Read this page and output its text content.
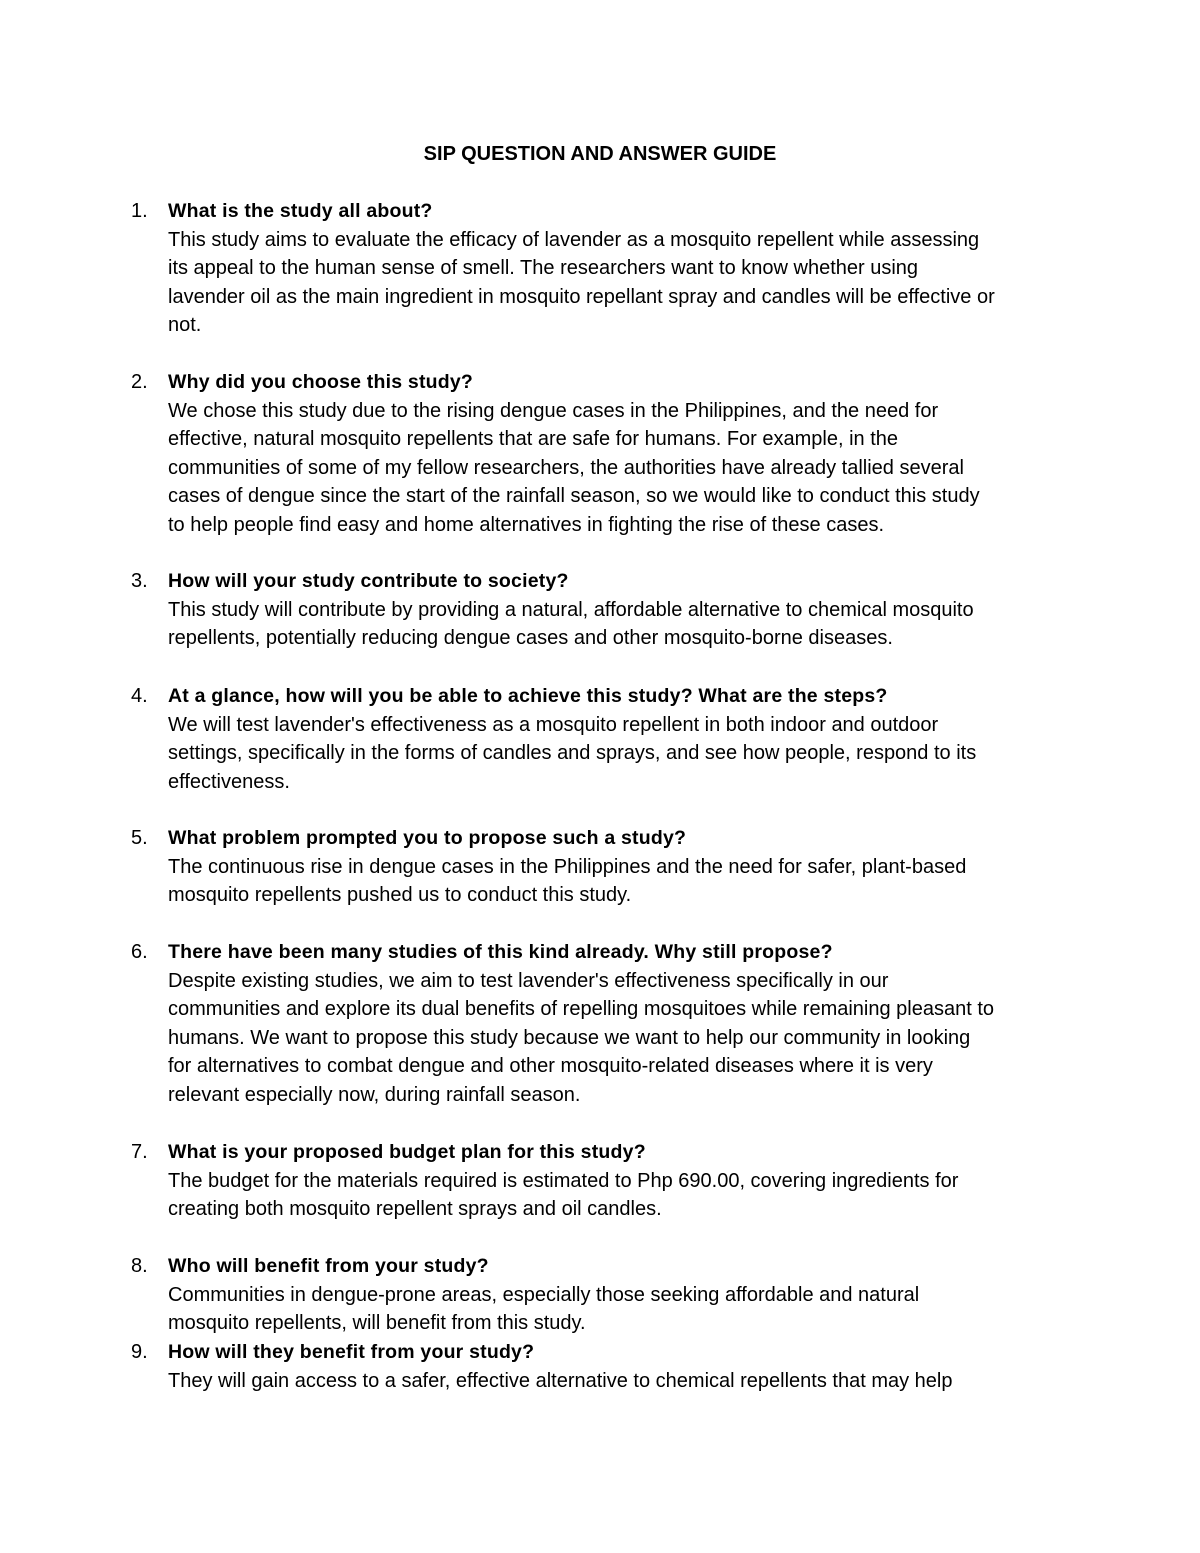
SIP QUESTION AND ANSWER GUIDE
1.	What is the study all about?
This study aims to evaluate the efficacy of lavender as a mosquito repellent while assessing
its appeal to the human sense of smell. The researchers want to know whether using
lavender oil as the main ingredient in mosquito repellant spray and candles will be effective or
not.
2.	Why did you choose this study?
We chose this study due to the rising dengue cases in the Philippines, and the need for
effective, natural mosquito repellents that are safe for humans. For example, in the
communities of some of my fellow researchers, the authorities have already tallied several
cases of dengue since the start of the rainfall season, so we would like to conduct this study
to help people find easy and home alternatives in fighting the rise of these cases.
3.	How will your study contribute to society?
This study will contribute by providing a natural, affordable alternative to chemical mosquito
repellents, potentially reducing dengue cases and other mosquito-borne diseases.
4.	At a glance, how will you be able to achieve this study? What are the steps?
We will test lavender's effectiveness as a mosquito repellent in both indoor and outdoor
settings, specifically in the forms of candles and sprays, and see how people, respond to its
effectiveness.
5.	What problem prompted you to propose such a study?
The continuous rise in dengue cases in the Philippines and the need for safer, plant-based
mosquito repellents pushed us to conduct this study.
6.	There have been many studies of this kind already. Why still propose?
Despite existing studies, we aim to test lavender's effectiveness specifically in our
communities and explore its dual benefits of repelling mosquitoes while remaining pleasant to
humans. We want to propose this study because we want to help our community in looking
for alternatives to combat dengue and other mosquito-related diseases where it is very
relevant especially now, during rainfall season.
7.	What is your proposed budget plan for this study?
The budget for the materials required is estimated to Php 690.00, covering ingredients for
creating both mosquito repellent sprays and oil candles.
8.	Who will benefit from your study?
Communities in dengue-prone areas, especially those seeking affordable and natural
mosquito repellents, will benefit from this study.
9.	How will they benefit from your study?
They will gain access to a safer, effective alternative to chemical repellents that may help
